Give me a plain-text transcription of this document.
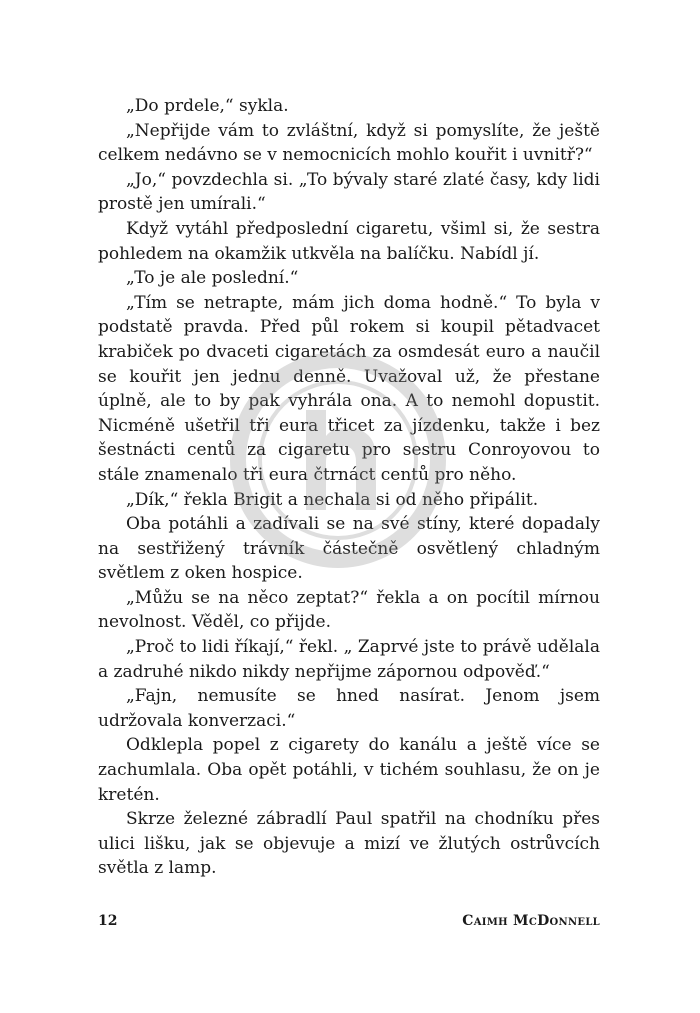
„Do prdele,“ sykla.

„Nepřijde vám to zvláštní, když si pomyslíte, že ještě celkem nedávno se v nemocnicích mohlo kouřit i uvnitř?“

„Jo,“ povzdechla si. „To bývaly staré zlaté časy, kdy lidi prostě jen umírali.“

Když vytáhl předposlední cigaretu, všiml si, že sestra pohledem na okamžik utkvěla na balíčku. Nabídl jí.

„To je ale poslední.“

„Tím se netrapte, mám jich doma hodně.“ To byla v podstatě pravda. Před půl rokem si koupil pětadvacet krabiček po dvaceti cigaretách za osmdesát euro a naučil se kouřit jen jednu denně. Uvažoval už, že přestane úplně, ale to by pak vyhrála ona. A to nemohl dopustit. Nicméně ušetřil tři eura třicet za jízdenku, takže i bez šestnácti centů za cigaretu pro sestru Conroyovou to stále znamenalo tři eura čtrnáct centů pro něho.

„Dík,“ řekla Brigit a nechala si od něho připálit.

Oba potáhli a zadívali se na své stíny, které dopadaly na sestřižený trávník částečně osvětlený chladným světlem z oken hospice.

„Můžu se na něco zeptat?“ řekla a on pocítil mírnou nevolnost. Věděl, co přijde.

„Proč to lidi říkají,“ řekl. „ Zaprvé jste to právě udělala a zadruhé nikdo nikdy nepřijme zápornou odpověď.“

„Fajn, nemusíte se hned nasírat. Jenom jsem udržovala konverzaci.“

Odklepla popel z cigarety do kanálu a ještě více se zachumlala. Oba opět potáhli, v tichém souhlasu, že on je kretén.

Skrze železné zábradlí Paul spatřil na chodníku přes ulici lišku, jak se objevuje a mizí ve žlutých ostrůvcích světla z lamp.

12	Caimh McDonnell
